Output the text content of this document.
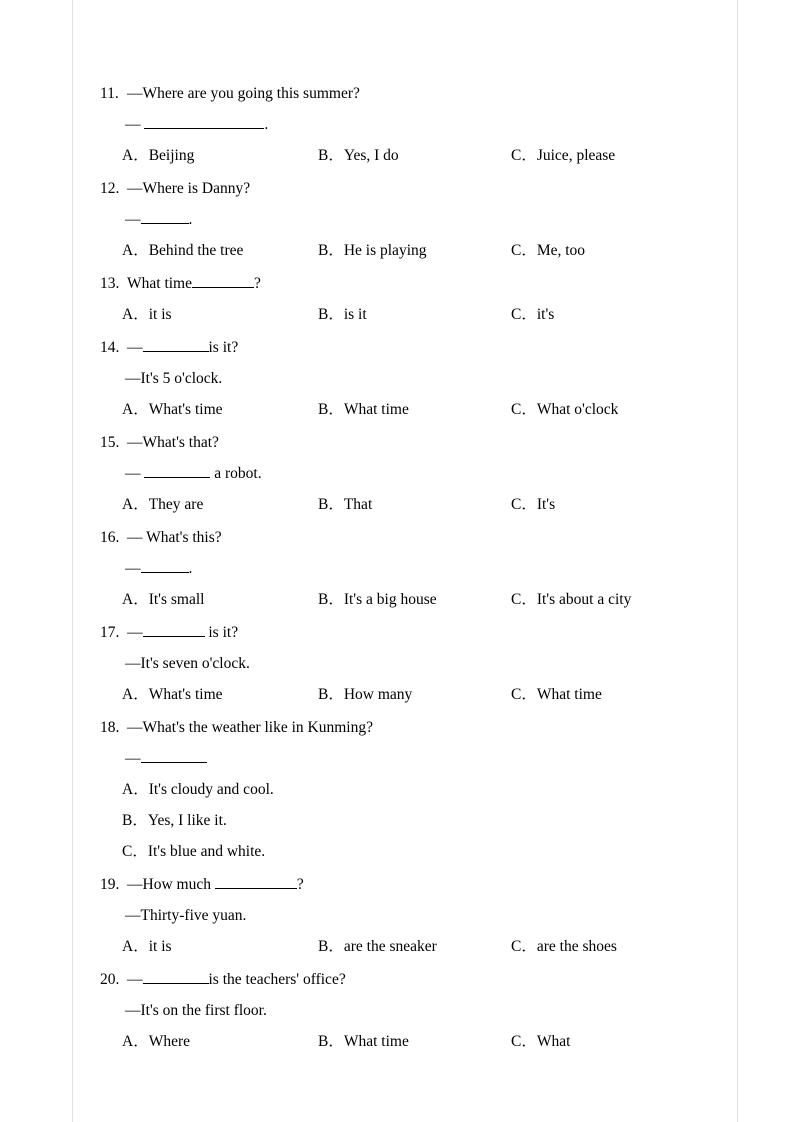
11. —Where are you going this summer?
—	.
A．Beijing	B．Yes, I do	C．Juice, please
12. —Where is Danny?
—	.
A．Behind the tree	B．He is playing	C．Me, too
13. What time	?
A．it is	B．is it	C．it's
14. —	is it?
—It's 5 o'clock.
A．What's time	B．What time	C．What o'clock
15. —What's that?
—	a robot.
A．They are	B．That	C．It's
16. — What's this?
—	.
A．It's small	B．It's a big house	C．It's about a city
17. —	is it?
—It's seven o'clock.
A．What's time	B．How many	C．What time
18. —What's the weather like in Kunming?
—
A．It's cloudy and cool.
B．Yes, I like it.
C．It's blue and white.
19. —How much	?
—Thirty-five yuan.
A．it is	B．are the sneaker	C．are the shoes
20. —	is the teachers' office?
—It's on the first floor.
A．Where	B．What time	C．What
